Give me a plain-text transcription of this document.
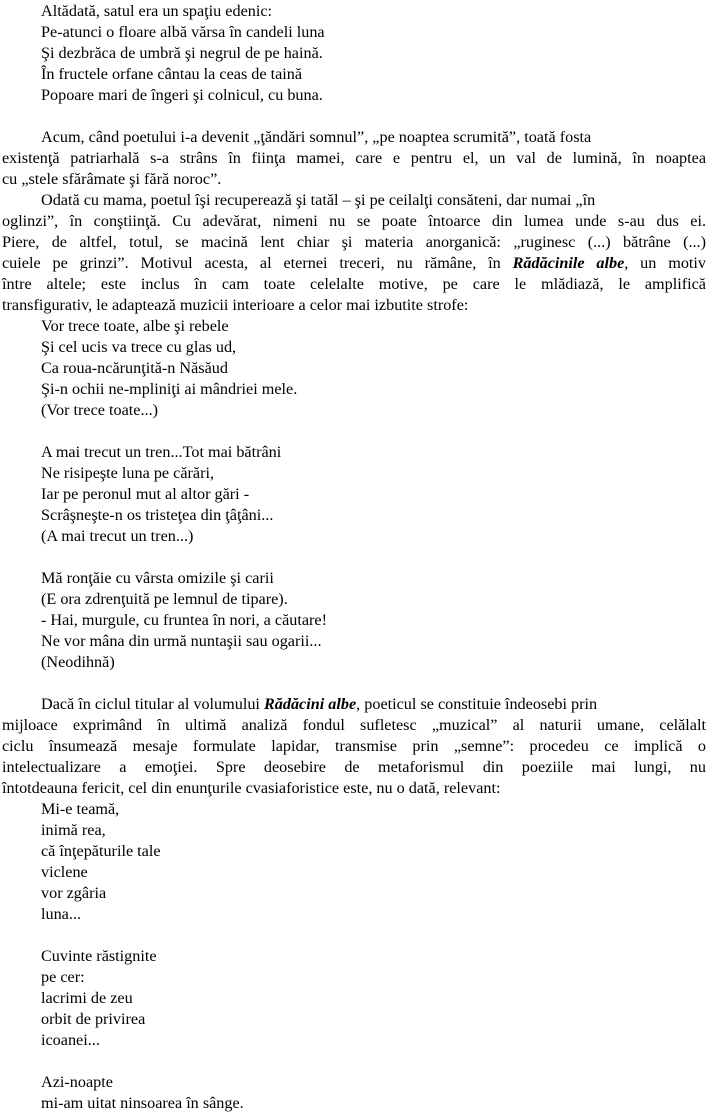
Altădată, satul era un spaţiu edenic:
Pe-atunci o floare albă vărsa în candeli luna
Şi dezbrăca de umbră şi negrul de pe haină.
În fructele orfane cântau la ceas de taină
Popoare mari de îngeri şi colnicul, cu buna.
Acum, când poetului i-a devenit „ţăndări somnul”, „pe noaptea scrumită”, toată fosta
existenţă patriarhală s-a strâns în fiinţa mamei, care e pentru el, un val de lumină, în noaptea
cu „stele sfărâmate şi fără noroc”.
Odată cu mama, poetul îşi recuperează şi tatăl – şi pe ceilalţi consăteni, dar numai „în
oglinzi”, în conştiinţă. Cu adevărat, nimeni nu se poate întoarce din lumea unde s-au dus ei.
Piere, de altfel, totul, se macină lent chiar şi materia anorganică: „ruginesc (...) bătrâne (...)
cuiele pe grinzi”. Motivul acesta, al eternei treceri, nu rămâne, în Rădăcinile albe, un motiv
între altele; este inclus în cam toate celelalte motive, pe care le mlădiază, le amplifică
transfigurativ, le adaptează muzicii interioare a celor mai izbutite strofe:
Vor trece toate, albe şi rebele
Şi cel ucis va trece cu glas ud,
Ca roua-ncărunţită-n Năsăud
Şi-n ochii ne-mpliniţi ai mândriei mele.
(Vor trece toate...)
A mai trecut un tren...Tot mai bătrâni
Ne risipeşte luna pe cărări,
Iar pe peronul mut al altor gări -
Scrâşneşte-n os tristeţea din ţâţâni...
(A mai trecut un tren...)
Mă ronţăie cu vârsta omizile şi carii
(E ora zdrenţuită pe lemnul de tipare).
- Hai, murgule, cu fruntea în nori, a căutare!
Ne vor mâna din urmă nuntaşii sau ogarii...
(Neodihnă)
Dacă în ciclul titular al volumului Rădăcini albe, poeticul se constituie îndeosebi prin
mijloace exprimând în ultimă analiză fondul sufletesc „muzical” al naturii umane, celălalt
ciclu însumează mesaje formulate lapidar, transmise prin „semne”: procedeu ce implică o
intelectualizare a emoţiei. Spre deosebire de metaforismul din poeziile mai lungi, nu
întotdeauna fericit, cel din enunţurile cvasiaforistice este, nu o dată, relevant:
Mi-e teamă,
inimă rea,
că înţepăturile tale
viclene
vor zgâria
luna...
Cuvinte răstignite
pe cer:
lacrimi de zeu
orbit de privirea
icoanei...
Azi-noapte
mi-am uitat ninsoarea în sânge.
